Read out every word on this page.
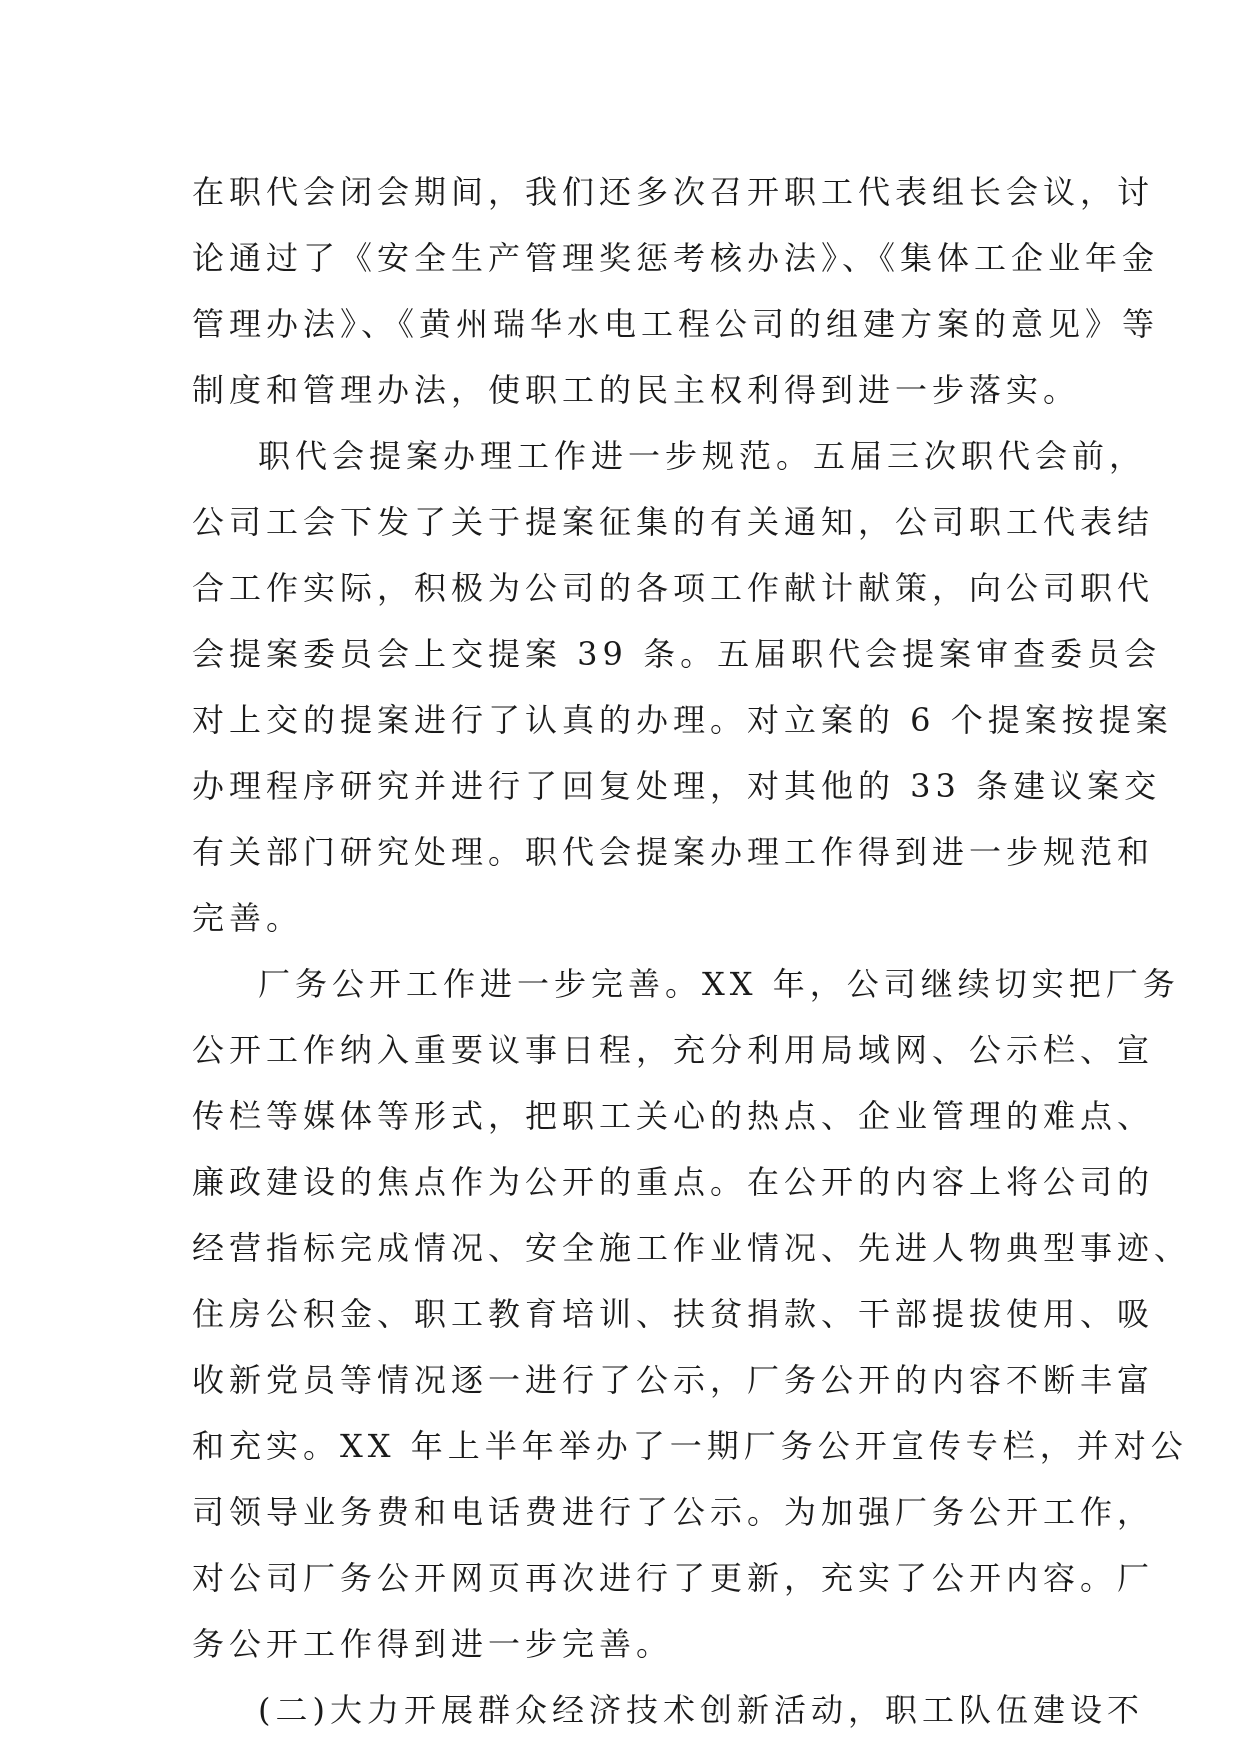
在职代会闭会期间，我们还多次召开职工代表组长会议，讨
论通过了《安全生产管理奖惩考核办法》、《集体工企业年金
管理办法》、《黄州瑞华水电工程公司的组建方案的意见》等
制度和管理办法，使职工的民主权利得到进一步落实。
职代会提案办理工作进一步规范。五届三次职代会前，
公司工会下发了关于提案征集的有关通知，公司职工代表结
合工作实际，积极为公司的各项工作献计献策，向公司职代
会提案委员会上交提案 39 条。五届职代会提案审查委员会
对上交的提案进行了认真的办理。对立案的 6 个提案按提案
办理程序研究并进行了回复处理，对其他的 33 条建议案交
有关部门研究处理。职代会提案办理工作得到进一步规范和
完善。
厂务公开工作进一步完善。XX 年，公司继续切实把厂务
公开工作纳入重要议事日程，充分利用局域网、公示栏、宣
传栏等媒体等形式，把职工关心的热点、企业管理的难点、
廉政建设的焦点作为公开的重点。在公开的内容上将公司的
经营指标完成情况、安全施工作业情况、先进人物典型事迹、
住房公积金、职工教育培训、扶贫捐款、干部提拔使用、吸
收新党员等情况逐一进行了公示，厂务公开的内容不断丰富
和充实。XX 年上半年举办了一期厂务公开宣传专栏，并对公
司领导业务费和电话费进行了公示。为加强厂务公开工作，
对公司厂务公开网页再次进行了更新，充实了公开内容。厂
务公开工作得到进一步完善。
(二)大力开展群众经济技术创新活动，职工队伍建设不
